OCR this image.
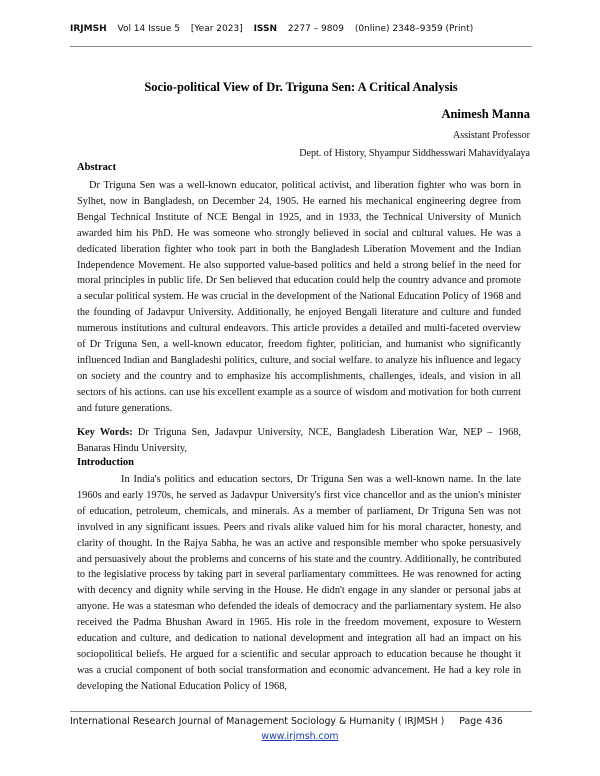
IRJMSH Vol 14 Issue 5 [Year 2023] ISSN 2277 – 9809 (0nline) 2348–9359 (Print)
Socio-political View of Dr. Triguna Sen: A Critical Analysis
Animesh Manna
Assistant Professor
Dept. of History, Shyampur Siddhesswari Mahavidyalaya
Abstract

Dr Triguna Sen was a well-known educator, political activist, and liberation fighter who was born in Sylhet, now in Bangladesh, on December 24, 1905. He earned his mechanical engineering degree from Bengal Technical Institute of NCE Bengal in 1925, and in 1933, the Technical University of Munich awarded him his PhD. He was someone who strongly believed in social and cultural values. He was a dedicated liberation fighter who took part in both the Bangladesh Liberation Movement and the Indian Independence Movement. He also supported value-based politics and held a strong belief in the need for moral principles in public life. Dr Sen believed that education could help the country advance and promote a secular political system. He was crucial in the development of the National Education Policy of 1968 and the founding of Jadavpur University. Additionally, he enjoyed Bengali literature and culture and funded numerous institutions and cultural endeavors. This article provides a detailed and multi-faceted overview of Dr Triguna Sen, a well-known educator, freedom fighter, politician, and humanist who significantly influenced Indian and Bangladeshi politics, culture, and social welfare. to analyze his influence and legacy on society and the country and to emphasize his accomplishments, challenges, ideals, and vision in all sectors of his actions. can use his excellent example as a source of wisdom and motivation for both current and future generations.

Key Words: Dr Triguna Sen, Jadavpur University, NCE, Bangladesh Liberation War, NEP – 1968, Banaras Hindu University,

Introduction

In India's politics and education sectors, Dr Triguna Sen was a well-known name. In the late 1960s and early 1970s, he served as Jadavpur University's first vice chancellor and as the union's minister of education, petroleum, chemicals, and minerals. As a member of parliament, Dr Triguna Sen was not involved in any significant issues. Peers and rivals alike valued him for his moral character, honesty, and clarity of thought. In the Rajya Sabha, he was an active and responsible member who spoke persuasively and persuasively about the problems and concerns of his state and the country. Additionally, he contributed to the legislative process by taking part in several parliamentary committees. He was renowned for acting with decency and dignity while serving in the House. He didn't engage in any slander or personal jabs at anyone. He was a statesman who defended the ideals of democracy and the parliamentary system. He also received the Padma Bhushan Award in 1965. His role in the freedom movement, exposure to Western education and culture, and dedication to national development and integration all had an impact on his sociopolitical beliefs. He argued for a scientific and secular approach to education because he thought it was a crucial component of both social transformation and economic advancement. He had a key role in developing the National Education Policy of 1968,

International Research Journal of Management Sociology & Humanity ( IRJMSH ) Page 436
www.irjmsh.com
